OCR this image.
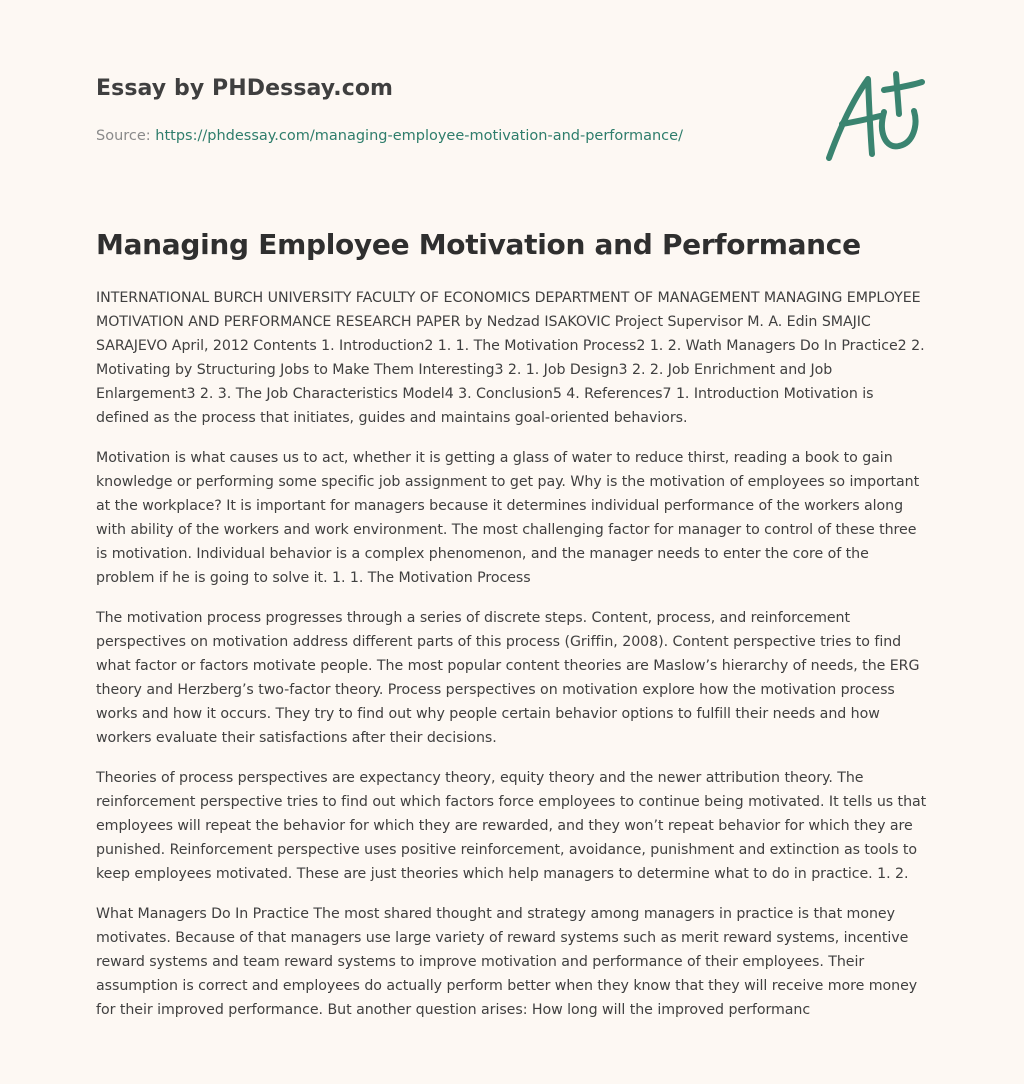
Essay by PHDessay.com

Source: https://phdessay.com/managing-employee-motivation-and-performance/
Managing Employee Motivation and Performance

INTERNATIONAL BURCH UNIVERSITY FACULTY OF ECONOMICS DEPARTMENT OF MANAGEMENT MANAGING EMPLOYEE MOTIVATION AND PERFORMANCE RESEARCH PAPER by Nedzad ISAKOVIC Project Supervisor M. A. Edin SMAJIC SARAJEVO April, 2012 Contents 1. Introduction2 1. 1. The Motivation Process2 1. 2. Wath Managers Do In Practice2 2. Motivating by Structuring Jobs to Make Them Interesting3 2. 1. Job Design3 2. 2. Job Enrichment and Job Enlargement3 2. 3. The Job Characteristics Model4 3. Conclusion5 4. References7 1. Introduction Motivation is defined as the process that initiates, guides and maintains goal-oriented behaviors.

Motivation is what causes us to act, whether it is getting a glass of water to reduce thirst, reading a book to gain knowledge or performing some specific job assignment to get pay. Why is the motivation of employees so important at the workplace? It is important for managers because it determines individual performance of the workers along with ability of the workers and work environment. The most challenging factor for manager to control of these three is motivation. Individual behavior is a complex phenomenon, and the manager needs to enter the core of the problem if he is going to solve it. 1. 1. The Motivation Process

The motivation process progresses through a series of discrete steps. Content, process, and reinforcement perspectives on motivation address different parts of this process (Griffin, 2008). Content perspective tries to find what factor or factors motivate people. The most popular content theories are Maslow’s hierarchy of needs, the ERG theory and Herzberg’s two-factor theory. Process perspectives on motivation explore how the motivation process works and how it occurs. They try to find out why people certain behavior options to fulfill their needs and how workers evaluate their satisfactions after their decisions.

Theories of process perspectives are expectancy theory, equity theory and the newer attribution theory. The reinforcement perspective tries to find out which factors force employees to continue being motivated. It tells us that employees will repeat the behavior for which they are rewarded, and they won’t repeat behavior for which they are punished. Reinforcement perspective uses positive reinforcement, avoidance, punishment and extinction as tools to keep employees motivated. These are just theories which help managers to determine what to do in practice. 1. 2.

What Managers Do In Practice The most shared thought and strategy among managers in practice is that money motivates. Because of that managers use large variety of reward systems such as merit reward systems, incentive reward systems and team reward systems to improve motivation and performance of their employees. Their assumption is correct and employees do actually perform better when they know that they will receive more money for their improved performance. But another question arises: How long will the improved performanc
